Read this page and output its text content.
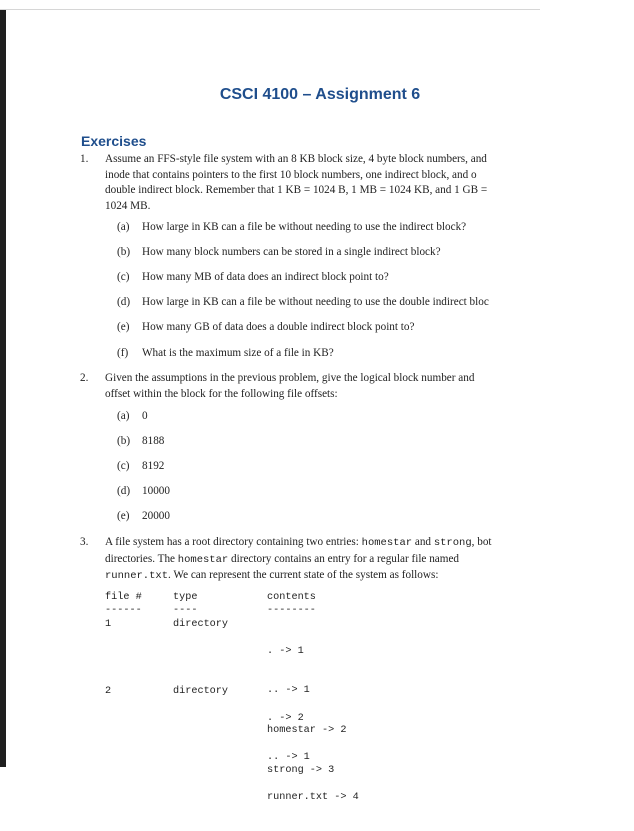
CSCI 4100 – Assignment 6
Exercises
1. Assume an FFS-style file system with an 8 KB block size, 4 byte block numbers, and
inode that contains pointers to the first 10 block numbers, one indirect block, and o
double indirect block. Remember that 1 KB = 1024 B, 1 MB = 1024 KB, and 1 GB =
1024 MB.
(a) How large in KB can a file be without needing to use the indirect block?
(b) How many block numbers can be stored in a single indirect block?
(c) How many MB of data does an indirect block point to?
(d) How large in KB can a file be without needing to use the double indirect bloc
(e) How many GB of data does a double indirect block point to?
(f) What is the maximum size of a file in KB?
2. Given the assumptions in the previous problem, give the logical block number and
offset within the block for the following file offsets:
(a) 0
(b) 8188
(c) 8192
(d) 10000
(e) 20000
3. A file system has a root directory containing two entries: homestar and strong, bot
directories. The homestar directory contains an entry for a regular file named
runner.txt. We can represent the current state of the system as follows:
file #	type	contents
------	----	--------
1	directory

. -> 1

.. -> 1

homestar -> 2

strong -> 3

2	directory

. -> 2

.. -> 1

runner.txt -> 4
